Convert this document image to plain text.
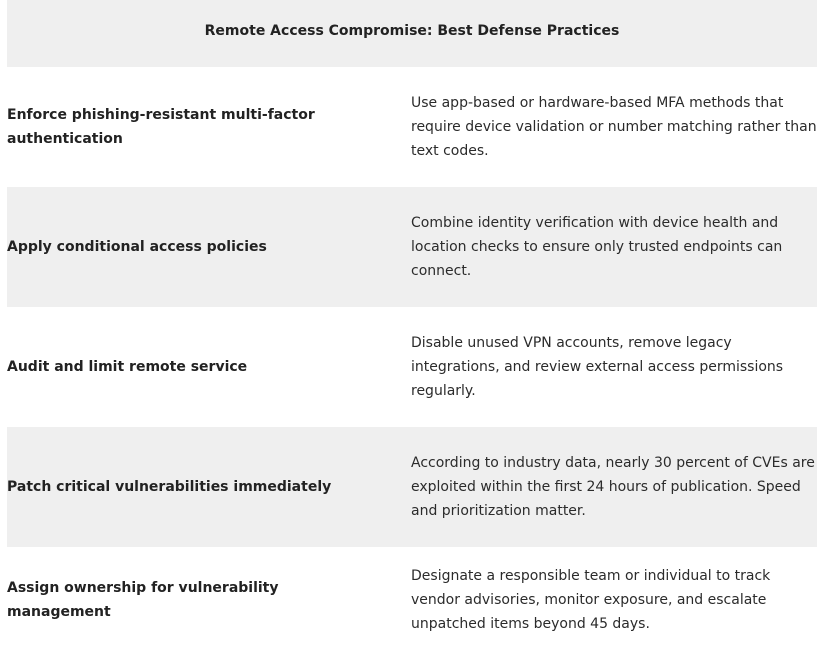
Remote Access Compromise: Best Defense Practices
Enforce phishing-resistant multi-factor authentication
Use app-based or hardware-based MFA methods that require device validation or number matching rather than text codes.
Apply conditional access policies
Combine identity verification with device health and location checks to ensure only trusted endpoints can connect.
Audit and limit remote service
Disable unused VPN accounts, remove legacy integrations, and review external access permissions regularly.
Patch critical vulnerabilities immediately
According to industry data, nearly 30 percent of CVEs are exploited within the first 24 hours of publication. Speed and prioritization matter.
Assign ownership for vulnerability management
Designate a responsible team or individual to track vendor advisories, monitor exposure, and escalate unpatched items beyond 45 days.
